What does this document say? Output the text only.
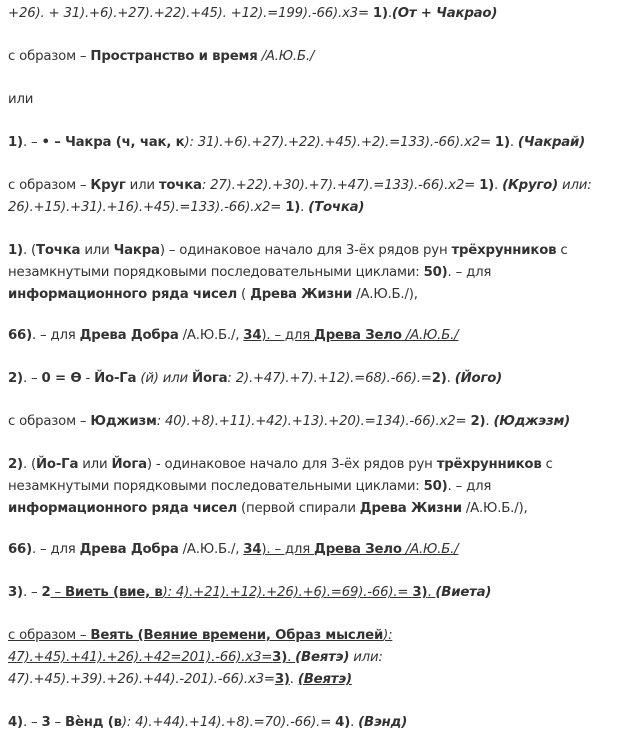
+26). + 31).+6).+27).+22).+45). +12).=199).-66).x3= 1).(От + Чакрао)
с образом – Пространство и время /А.Ю.Б./
или
1). – • – Чакра (ч, чак, к): 31).+6).+27).+22).+45).+2).=133).-66).x2= 1). (Чакрай)
с образом – Круг или точка: 27).+22).+30).+7).+47).=133).-66).x2= 1). (Круго) или: 26).+15).+31).+16).+45).=133).-66).x2= 1). (Точка)
1). (Точка или Чакра) – одинаковое начало для 3-ёх рядов рун трёхрунников с незамкнутыми порядковыми последовательными циклами: 50). – для информационного ряда чисел ( Древа Жизни /А.Ю.Б./),
66). – для Древа Добра /А.Ю.Б./, 34). – для Древа Зело /А.Ю.Б./
2). – 0 = ϴ - Йо-Га (й) или Йога: 2).+47).+7).+12).=68).-66).=2). (Його)
с образом – Юджизм: 40).+8).+11).+42).+13).+20).=134).-66).x2= 2). (Юджэзм)
2). (Йо-Га или Йога) - одинаковое начало для 3-ёх рядов рун трёхрунников с незамкнутыми порядковыми последовательными циклами: 50). – для информационного ряда чисел (первой спирали Древа Жизни /А.Ю.Б./),
66). – для Древа Добра /А.Ю.Б./, 34). – для Древа Зело /А.Ю.Б./
3). – 2 – Виеть (вие, в): 4).+21).+12).+26).+6).=69).-66).= 3). (Виета)
с образом – Веять (Веяние времени, Образ мыслей): 47).+45).+41).+26).+42=201).-66).x3=3). (Веятэ) или: 47).+45).+39).+26).+44).-201).-66).x3=3). (Веятэ)
4). – 3 – Вѐнд (в): 4).+44).+14).+8).=70).-66).= 4). (Вэнд)
